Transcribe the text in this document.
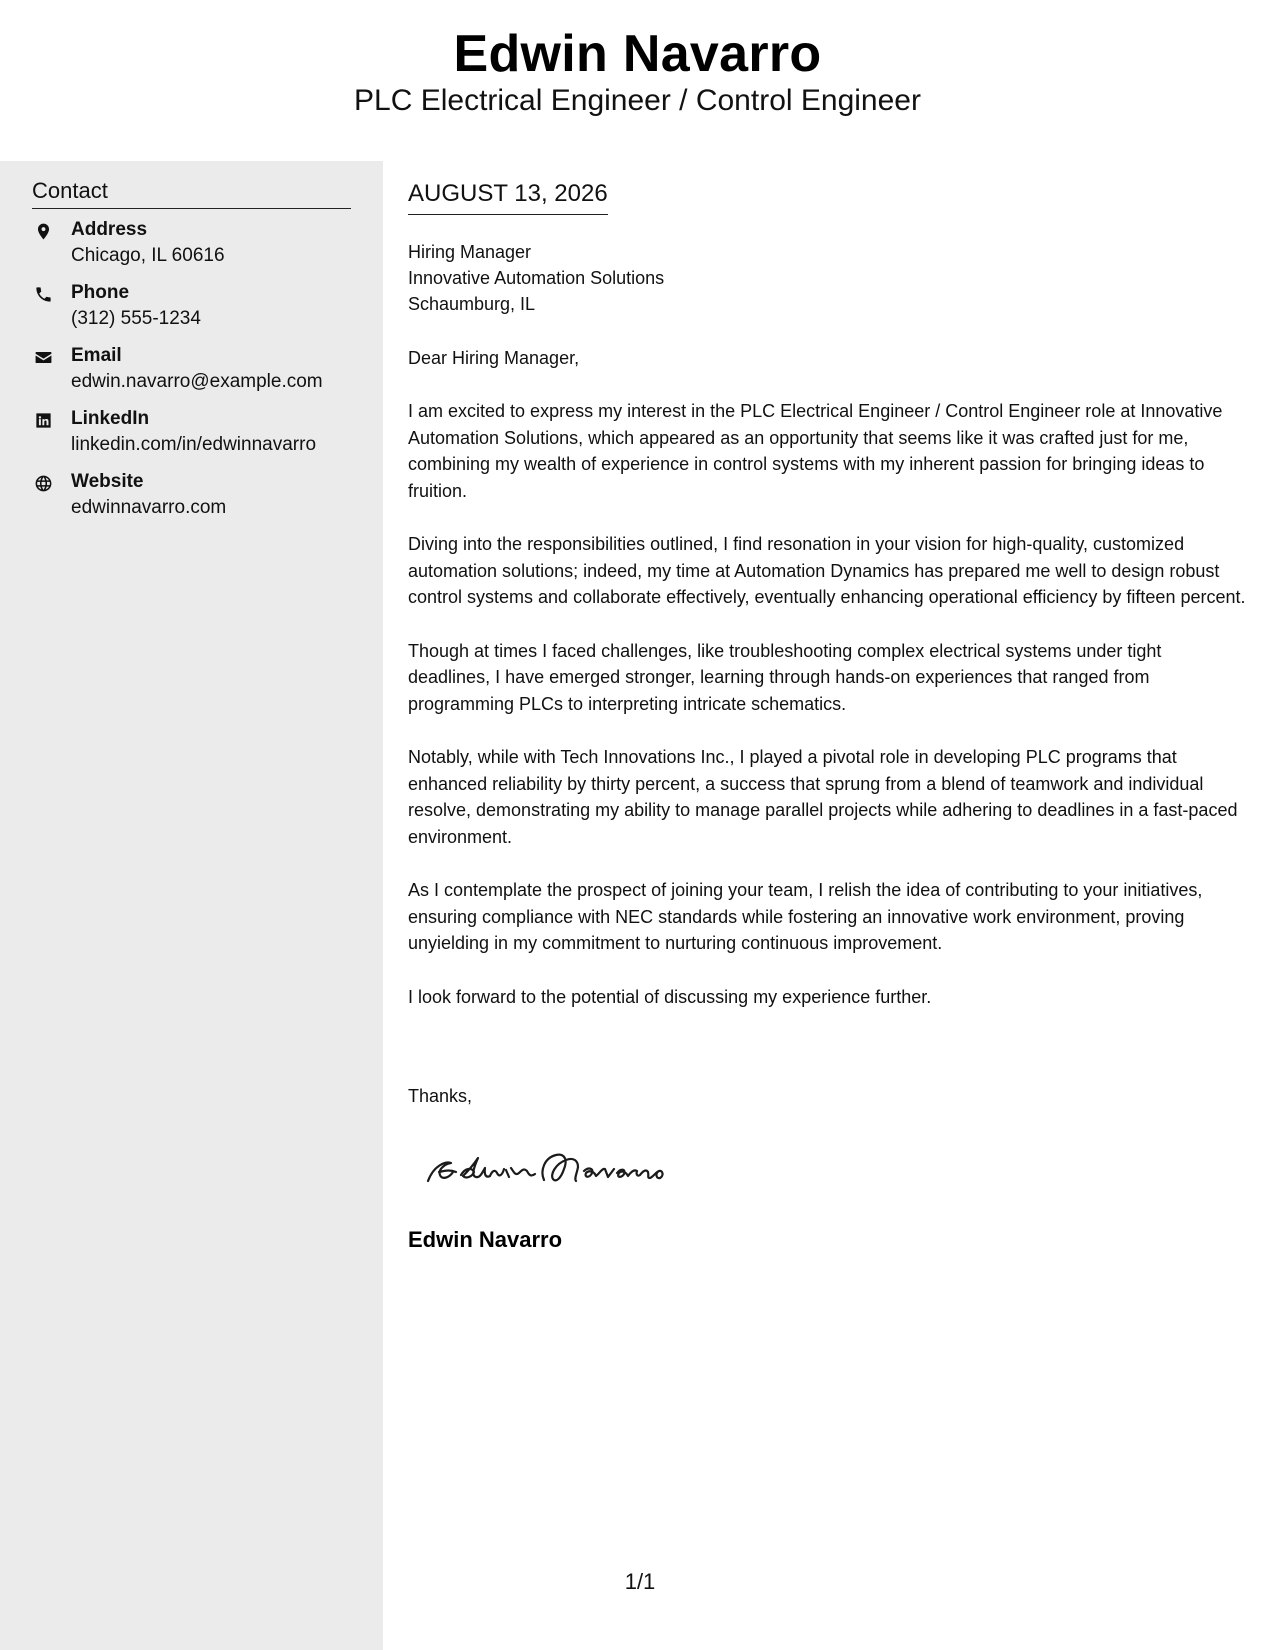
Edwin Navarro
PLC Electrical Engineer / Control Engineer
Contact
Address
Chicago, IL 60616
Phone
(312) 555-1234
Email
edwin.navarro@example.com
LinkedIn
linkedin.com/in/edwinnavarro
Website
edwinnavarro.com
AUGUST 13, 2026
Hiring Manager
Innovative Automation Solutions
Schaumburg, IL
Dear Hiring Manager,

I am excited to express my interest in the PLC Electrical Engineer / Control Engineer role at Innovative Automation Solutions, which appeared as an opportunity that seems like it was crafted just for me, combining my wealth of experience in control systems with my inherent passion for bringing ideas to fruition.

Diving into the responsibilities outlined, I find resonation in your vision for high-quality, customized automation solutions; indeed, my time at Automation Dynamics has prepared me well to design robust control systems and collaborate effectively, eventually enhancing operational efficiency by fifteen percent.

Though at times I faced challenges, like troubleshooting complex electrical systems under tight deadlines, I have emerged stronger, learning through hands-on experiences that ranged from programming PLCs to interpreting intricate schematics.

Notably, while with Tech Innovations Inc., I played a pivotal role in developing PLC programs that enhanced reliability by thirty percent, a success that sprung from a blend of teamwork and individual resolve, demonstrating my ability to manage parallel projects while adhering to deadlines in a fast-paced environment.

As I contemplate the prospect of joining your team, I relish the idea of contributing to your initiatives, ensuring compliance with NEC standards while fostering an innovative work environment, proving unyielding in my commitment to nurturing continuous improvement.

I look forward to the potential of discussing my experience further.

Thanks,
Edwin Navarro
1/1
